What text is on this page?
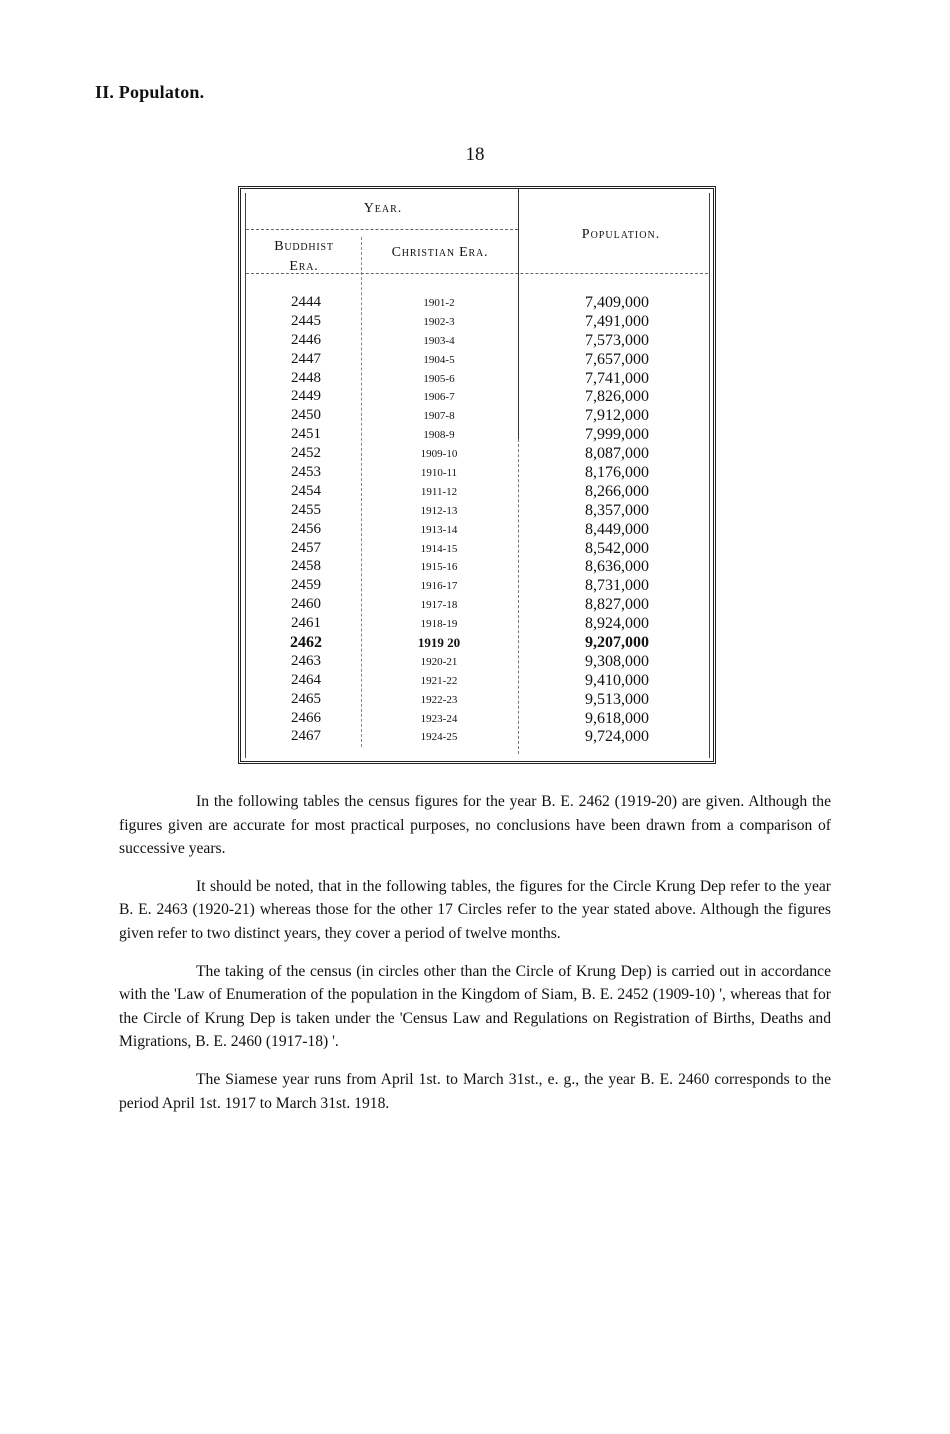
II. Populaton.
18
Year.
Population.
Buddhist
Era.
Christian Era.
2444	1901-2	7,409,000
2445	1902-3	7,491,000
2446	1903-4	7,573,000
2447	1904-5	7,657,000
2448	1905-6	7,741,000
2449	1906-7	7,826,000
2450	1907-8	7,912,000
2451	1908-9	7,999,000
2452	1909-10	8,087,000
2453	1910-11	8,176,000
2454	1911-12	8,266,000
2455	1912-13	8,357,000
2456	1913-14	8,449,000
2457	1914-15	8,542,000
2458	1915-16	8,636,000
2459	1916-17	8,731,000
2460	1917-18	8,827,000
2461	1918-19	8,924,000
2462	1919 20	9,207,000
2463	1920-21	9,308,000
2464	1921-22	9,410,000
2465	1922-23	9,513,000
2466	1923-24	9,618,000
2467	1924-25	9,724,000

In the following tables the census figures for the year B. E. 2462 (1919-20) are given. Although the figures given are accurate for most practical purposes, no conclusions have been drawn from a comparison of successive years.

It should be noted, that in the following tables, the figures for the Circle Krung Dep refer to the year B. E. 2463 (1920-21) whereas those for the other 17 Circles refer to the year stated above. Although the figures given refer to two distinct years, they cover a period of twelve months.

The taking of the census (in circles other than the Circle of Krung Dep) is carried out in accordance with the 'Law of Enumeration of the population in the Kingdom of Siam, B. E. 2452 (1909-10) ', whereas that for the Circle of Krung Dep is taken under the 'Census Law and Regulations on Registration of Births, Deaths and Migrations, B. E. 2460 (1917-18) '.

The Siamese year runs from April 1st. to March 31st., e. g., the year B. E. 2460 corresponds to the period April 1st. 1917 to March 31st. 1918.
